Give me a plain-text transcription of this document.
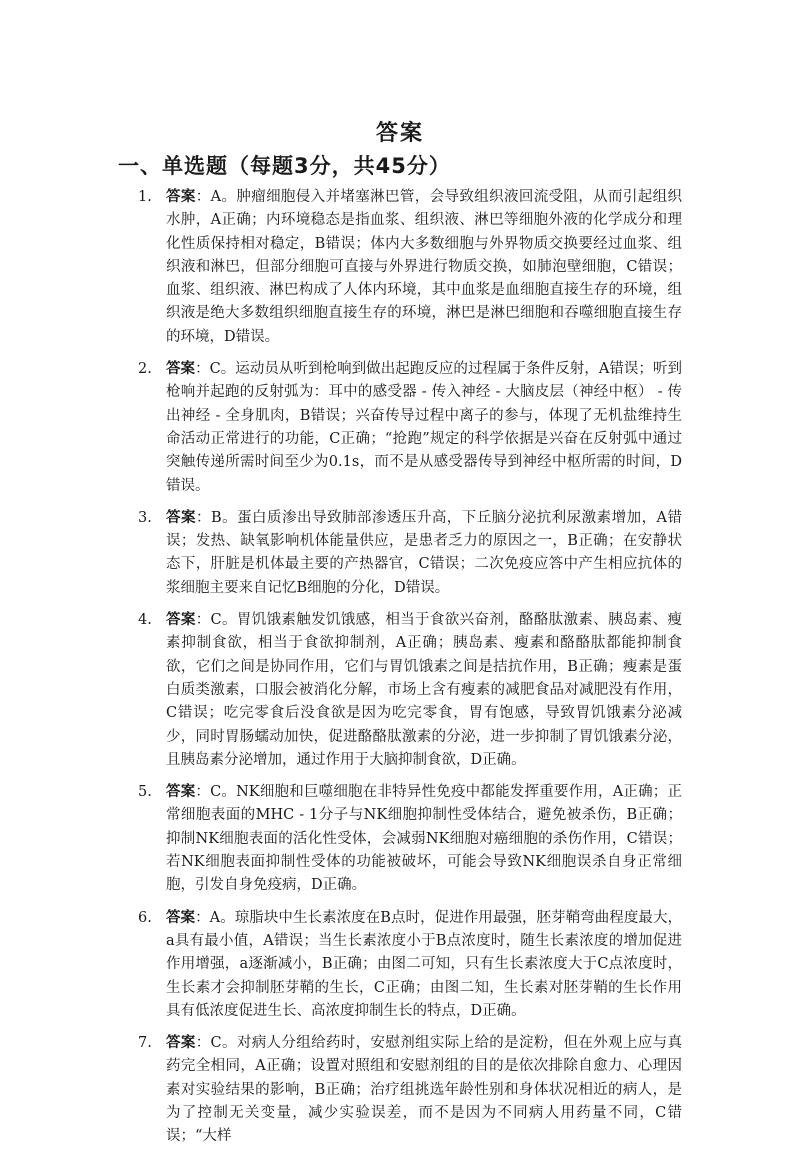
答案
一、单选题（每题3分，共45分）
1. 答案：A。肿瘤细胞侵入并堵塞淋巴管，会导致组织液回流受阻，从而引起组织水肿，A正确；内环境稳态是指血浆、组织液、淋巴等细胞外液的化学成分和理化性质保持相对稳定，B错误；体内大多数细胞与外界物质交换要经过血浆、组织液和淋巴，但部分细胞可直接与外界进行物质交换，如肺泡壁细胞，C错误；血浆、组织液、淋巴构成了人体内环境，其中血浆是血细胞直接生存的环境，组织液是绝大多数组织细胞直接生存的环境，淋巴是淋巴细胞和吞噬细胞直接生存的环境，D错误。
2. 答案：C。运动员从听到枪响到做出起跑反应的过程属于条件反射，A错误；听到枪响并起跑的反射弧为：耳中的感受器 - 传入神经 - 大脑皮层（神经中枢） - 传出神经 - 全身肌肉，B错误；兴奋传导过程中离子的参与，体现了无机盐维持生命活动正常进行的功能，C正确；“抢跑”规定的科学依据是兴奋在反射弧中通过突触传递所需时间至少为0.1s，而不是从感受器传导到神经中枢所需的时间，D错误。
3. 答案：B。蛋白质渗出导致肺部渗透压升高，下丘脑分泌抗利尿激素增加，A错误；发热、缺氧影响机体能量供应，是患者乏力的原因之一，B正确；在安静状态下，肝脏是机体最主要的产热器官，C错误；二次免疫应答中产生相应抗体的浆细胞主要来自记忆B细胞的分化，D错误。
4. 答案：C。胃饥饿素触发饥饿感，相当于食欲兴奋剂，酪酪肽激素、胰岛素、瘦素抑制食欲，相当于食欲抑制剂，A正确；胰岛素、瘦素和酪酪肽都能抑制食欲，它们之间是协同作用，它们与胃饥饿素之间是拮抗作用，B正确；瘦素是蛋白质类激素，口服会被消化分解，市场上含有瘦素的减肥食品对减肥没有作用，C错误；吃完零食后没食欲是因为吃完零食，胃有饱感，导致胃饥饿素分泌减少，同时胃肠蠕动加快，促进酪酪肽激素的分泌，进一步抑制了胃饥饿素分泌，且胰岛素分泌增加，通过作用于大脑抑制食欲，D正确。
5. 答案：C。NK细胞和巨噬细胞在非特异性免疫中都能发挥重要作用，A正确；正常细胞表面的MHC - 1分子与NK细胞抑制性受体结合，避免被杀伤，B正确；抑制NK细胞表面的活化性受体，会减弱NK细胞对癌细胞的杀伤作用，C错误；若NK细胞表面抑制性受体的功能被破坏，可能会导致NK细胞误杀自身正常细胞，引发自身免疫病，D正确。
6. 答案：A。琼脂块中生长素浓度在B点时，促进作用最强，胚芽鞘弯曲程度最大，a具有最小值，A错误；当生长素浓度小于B点浓度时，随生长素浓度的增加促进作用增强，a逐渐减小，B正确；由图二可知，只有生长素浓度大于C点浓度时，生长素才会抑制胚芽鞘的生长，C正确；由图二知，生长素对胚芽鞘的生长作用具有低浓度促进生长、高浓度抑制生长的特点，D正确。
7. 答案：C。对病人分组给药时，安慰剂组实际上给的是淀粉，但在外观上应与真药完全相同，A正确；设置对照组和安慰剂组的目的是依次排除自愈力、心理因素对实验结果的影响，B正确；治疗组挑选年龄性别和身体状况相近的病人，是为了控制无关变量，减少实验误差，而不是因为不同病人用药量不同，C错误；“大样
